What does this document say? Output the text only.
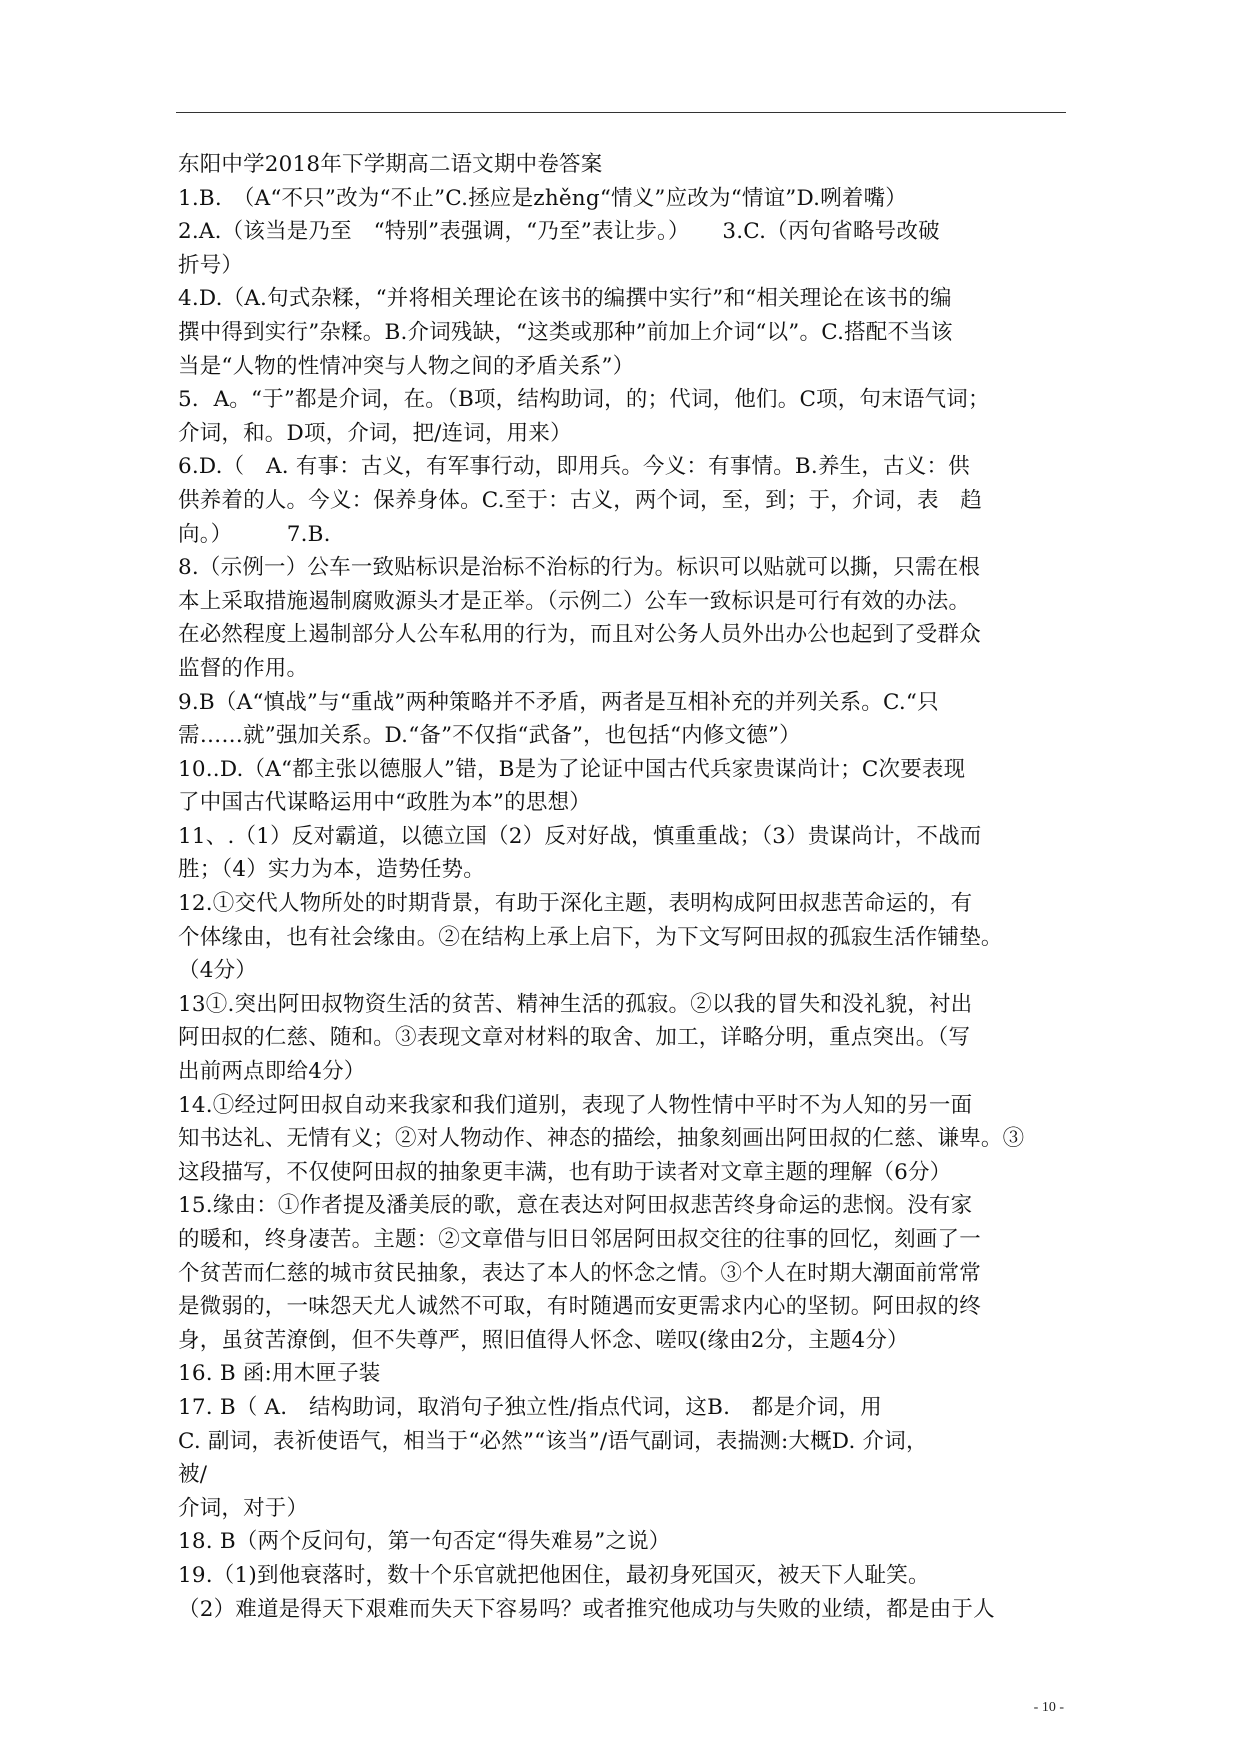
东阳中学2018年下学期高二语文期中卷答案
1.B.　（A“不只”改为“不止”C.拯应是zhěng“情义”应改为“情谊”D.咧着嘴）
2.A.（该当是乃至　“特别”表强调，“乃至”表让步。）　　3.C.（丙句省略号改破
折号）
4.D.（A.句式杂糅，“并将相关理论在该书的编撰中实行”和“相关理论在该书的编
撰中得到实行”杂糅。B.介词残缺，“这类或那种”前加上介词“以”。C.搭配不当该
当是“人物的性情冲突与人物之间的矛盾关系”）
5．A。“于”都是介词，在。（B项，结构助词，的；代词，他们。C项，句末语气词；
介词，和。D项，介词，把/连词，用来）
6.D.（　A. 有事：古义，有军事行动，即用兵。今义：有事情。B.养生，古义：供
供养着的人。今义：保养身体。C.至于：古义，两个词，至，到；于，介词，表　趋
向。）　　　7.B.
8.（示例一）公车一致贴标识是治标不治标的行为。标识可以贴就可以撕，只需在根
本上采取措施遏制腐败源头才是正举。（示例二）公车一致标识是可行有效的办法。
在必然程度上遏制部分人公车私用的行为，而且对公务人员外出办公也起到了受群众
监督的作用。
9.B（A“慎战”与“重战”两种策略并不矛盾，两者是互相补充的并列关系。C.“只
需……就”强加关系。D.“备”不仅指“武备”，也包括“内修文德”）
10..D.（A“都主张以德服人”错，B是为了论证中国古代兵家贵谋尚计；C次要表现
了中国古代谋略运用中“政胜为本”的思想）
11、.（1）反对霸道，以德立国（2）反对好战，慎重重战；（3）贵谋尚计，不战而
胜；（4）实力为本，造势任势。
12.①交代人物所处的时期背景，有助于深化主题，表明构成阿田叔悲苦命运的，有
个体缘由，也有社会缘由。②在结构上承上启下，为下文写阿田叔的孤寂生活作铺垫。
（4分）
13①.突出阿田叔物资生活的贫苦、精神生活的孤寂。②以我的冒失和没礼貌，衬出
阿田叔的仁慈、随和。③表现文章对材料的取舍、加工，详略分明，重点突出。（写
出前两点即给4分）
14.①经过阿田叔自动来我家和我们道别，表现了人物性情中平时不为人知的另一面
知书达礼、无情有义；②对人物动作、神态的描绘，抽象刻画出阿田叔的仁慈、谦卑。③
这段描写，不仅使阿田叔的抽象更丰满，也有助于读者对文章主题的理解（6分）
15.缘由：①作者提及潘美辰的歌，意在表达对阿田叔悲苦终身命运的悲悯。没有家
的暖和，终身凄苦。主题：②文章借与旧日邻居阿田叔交往的往事的回忆，刻画了一
个贫苦而仁慈的城市贫民抽象，表达了本人的怀念之情。③个人在时期大潮面前常常
是微弱的，一味怨天尤人诚然不可取，有时随遇而安更需求内心的坚韧。阿田叔的终
身，虽贫苦潦倒，但不失尊严，照旧值得人怀念、嗟叹(缘由2分，主题4分）
16. B 函:用木匣子装
17. B（ A.　结构助词，取消句子独立性/指点代词，这B.　都是介词，用
C. 副词，表祈使语气，相当于“必然”“该当”/语气副词，表揣测:大概D. 介词，
被/
介词，对于）
18. B（两个反问句，第一句否定“得失难易”之说）
19.（1)到他衰落时，数十个乐官就把他困住，最初身死国灭，被天下人耻笑。
（2）难道是得天下艰难而失天下容易吗？或者推究他成功与失败的业绩，都是由于人
- 10 -
